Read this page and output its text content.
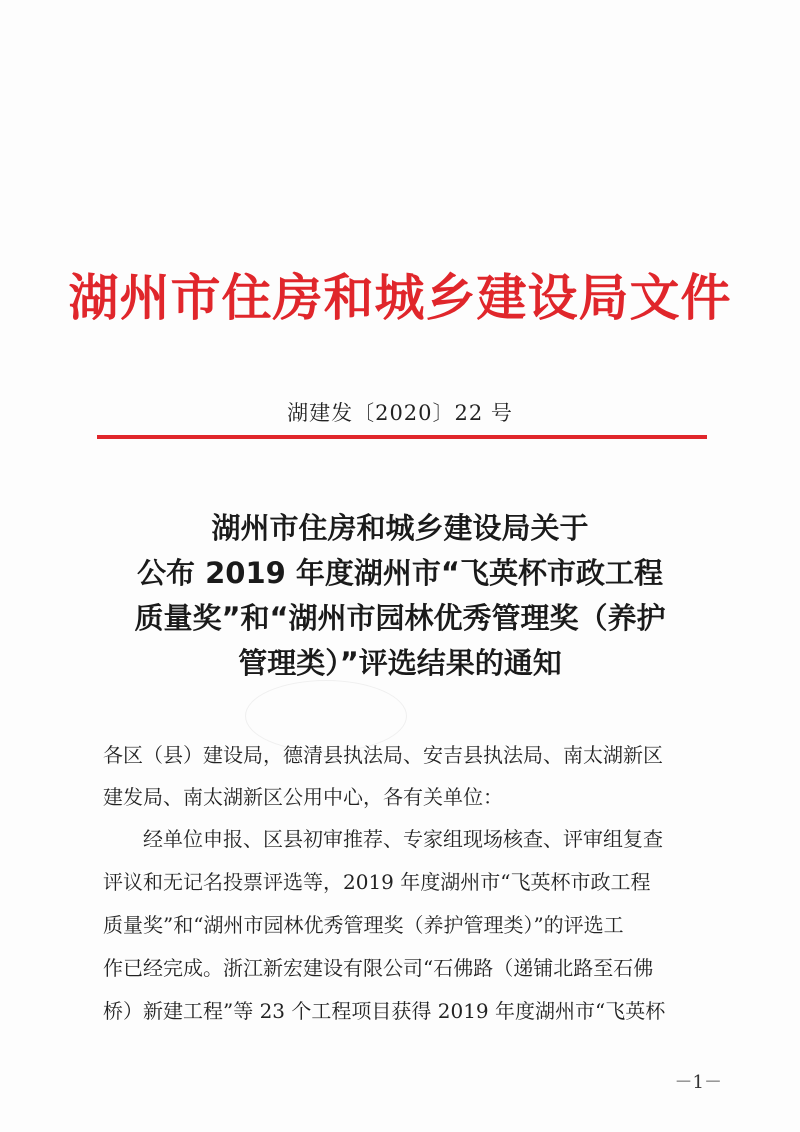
湖州市住房和城乡建设局文件
湖建发〔2020〕22 号
湖州市住房和城乡建设局关于
公布 2019 年度湖州市“飞英杯市政工程
质量奖”和“湖州市园林优秀管理奖（养护
管理类）”评选结果的通知
各区（县）建设局，德清县执法局、安吉县执法局、南太湖新区
建发局、南太湖新区公用中心，各有关单位：
经单位申报、区县初审推荐、专家组现场核查、评审组复查
评议和无记名投票评选等，2019 年度湖州市“飞英杯市政工程
质量奖”和“湖州市园林优秀管理奖（养护管理类）”的评选工
作已经完成。浙江新宏建设有限公司“石佛路（递铺北路至石佛
桥）新建工程”等 23 个工程项目获得 2019 年度湖州市“飞英杯
－1－
